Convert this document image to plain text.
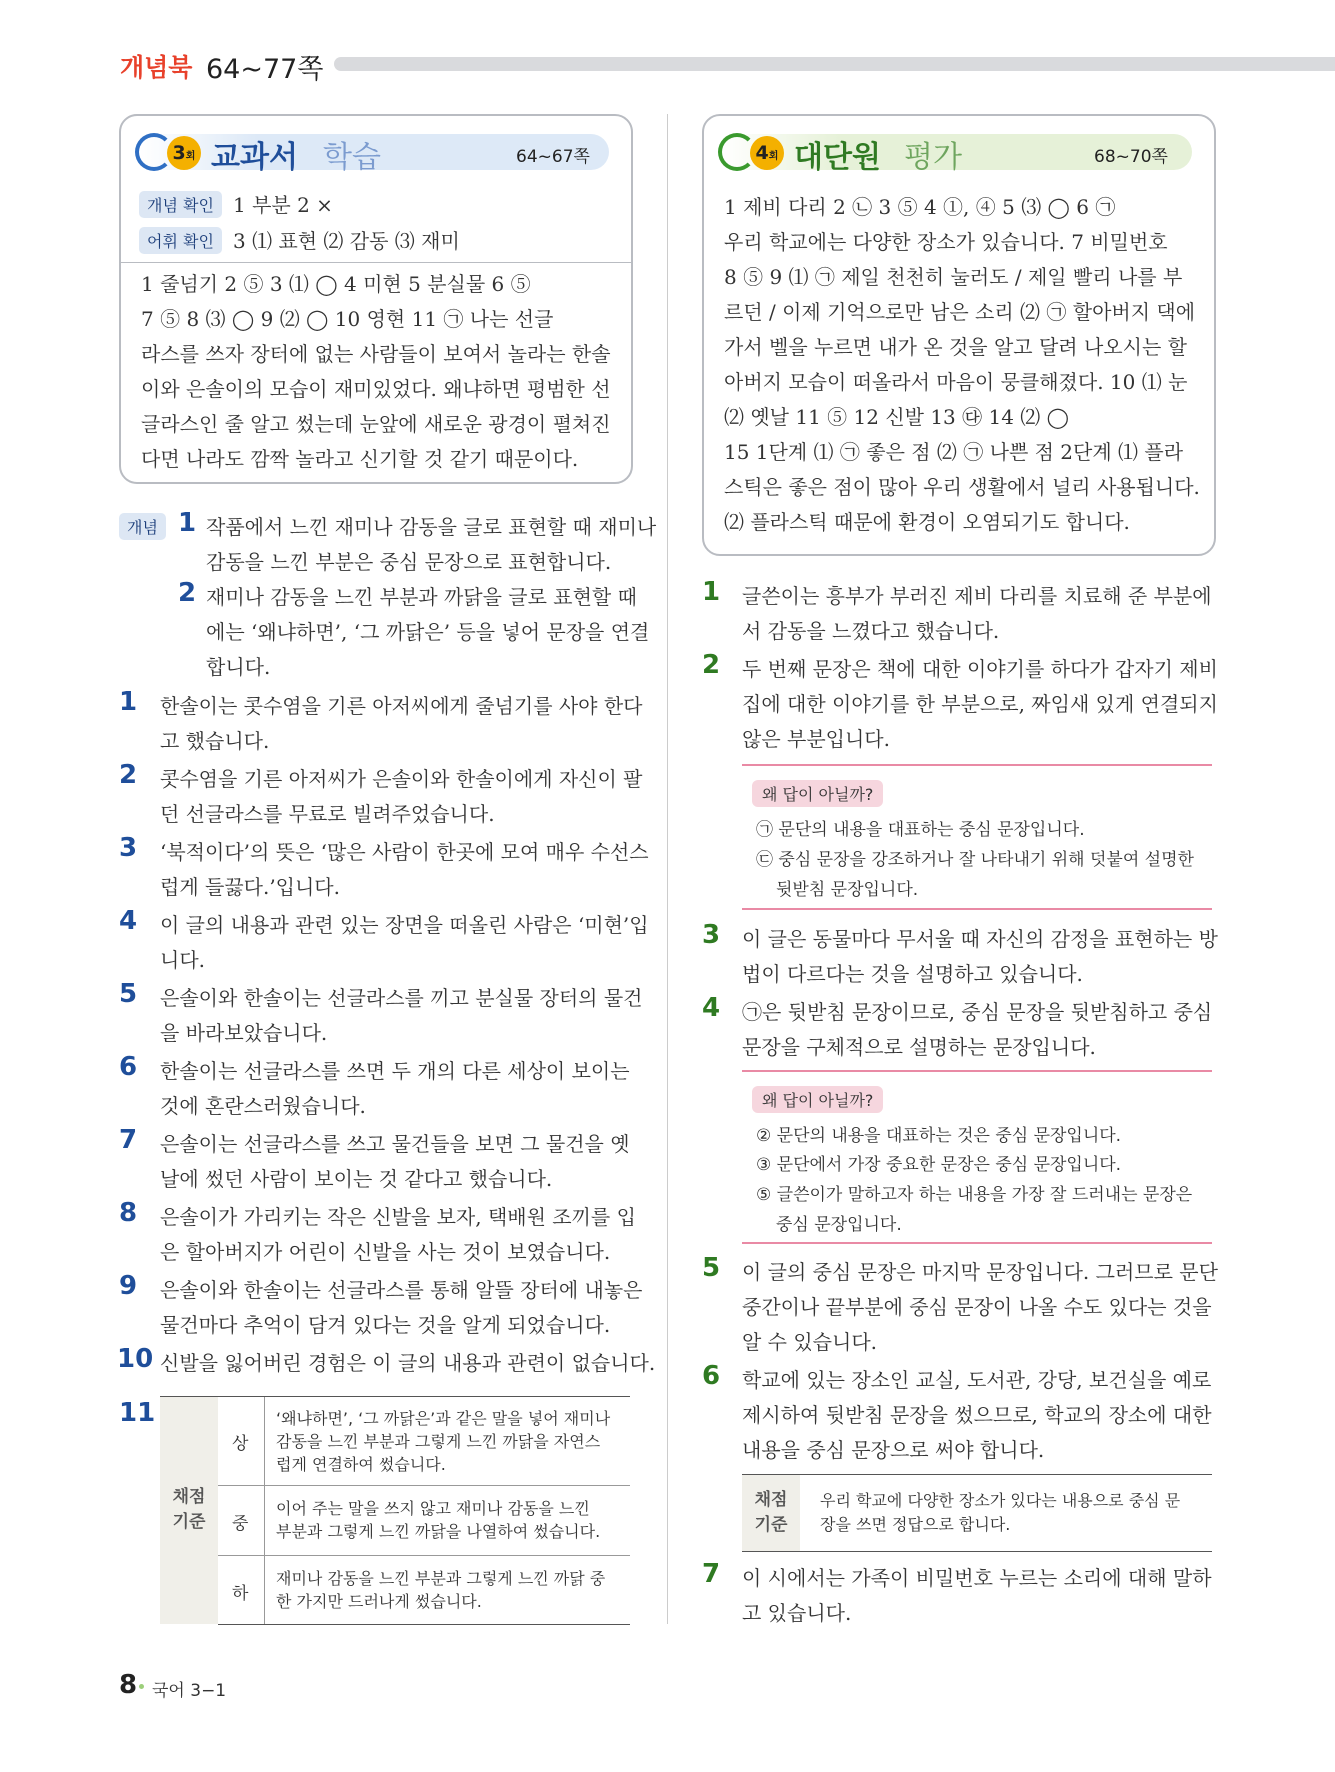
개념북 64~77쪽
3회 교과서 학습	64~67쪽
개념 확인 1 부분 2 ×
어휘 확인 3 ⑴ 표현 ⑵ 감동 ⑶ 재미
1 줄넘기 2 ⑤ 3 ⑴ ◯ 4 미현 5 분실물 6 ⑤
7 ⑤ 8 ⑶ ◯ 9 ⑵ ◯ 10 영현 11 ㉠ 나는 선글
라스를 쓰자 장터에 없는 사람들이 보여서 놀라는 한솔
이와 은솔이의 모습이 재미있었다. 왜냐하면 평범한 선
글라스인 줄 알고 썼는데 눈앞에 새로운 광경이 펼쳐진
다면 나라도 깜짝 놀라고 신기할 것 같기 때문이다.
4회 대단원 평가	68~70쪽
1 제비 다리 2 ㉡ 3 ⑤ 4 ①, ④ 5 ⑶ ◯ 6 ㉠
우리 학교에는 다양한 장소가 있습니다. 7 비밀번호
8 ⑤ 9 ⑴ ㉠ 제일 천천히 눌러도 / 제일 빨리 나를 부
르던 / 이제 기억으로만 남은 소리 ⑵ ㉠ 할아버지 댁에
가서 벨을 누르면 내가 온 것을 알고 달려 나오시는 할
아버지 모습이 떠올라서 마음이 뭉클해졌다. 10 ⑴ 눈
⑵ 옛날 11 ⑤ 12 신발 13 ㉰ 14 ⑵ ◯
15 1단계 ⑴ ㉠ 좋은 점 ⑵ ㉠ 나쁜 점 2단계 ⑴ 플라
스틱은 좋은 점이 많아 우리 생활에서 널리 사용됩니다.
⑵ 플라스틱 때문에 환경이 오염되기도 합니다.
개념 1 작품에서 느낀 재미나 감동을 글로 표현할 때 재미나
감동을 느낀 부분은 중심 문장으로 표현합니다.
2 재미나 감동을 느낀 부분과 까닭을 글로 표현할 때
에는 ‘왜냐하면’, ‘그 까닭은’ 등을 넣어 문장을 연결
합니다.
1 한솔이는 콧수염을 기른 아저씨에게 줄넘기를 사야 한다
고 했습니다.
2 콧수염을 기른 아저씨가 은솔이와 한솔이에게 자신이 팔
던 선글라스를 무료로 빌려주었습니다.
3 ‘북적이다’의 뜻은 ‘많은 사람이 한곳에 모여 매우 수선스
럽게 들끓다.’입니다.
4 이 글의 내용과 관련 있는 장면을 떠올린 사람은 ‘미현’입
니다.
5 은솔이와 한솔이는 선글라스를 끼고 분실물 장터의 물건
을 바라보았습니다.
6 한솔이는 선글라스를 쓰면 두 개의 다른 세상이 보이는
것에 혼란스러웠습니다.
7 은솔이는 선글라스를 쓰고 물건들을 보면 그 물건을 옛
날에 썼던 사람이 보이는 것 같다고 했습니다.
8 은솔이가 가리키는 작은 신발을 보자, 택배원 조끼를 입
은 할아버지가 어린이 신발을 사는 것이 보였습니다.
9 은솔이와 한솔이는 선글라스를 통해 알뜰 장터에 내놓은
물건마다 추억이 담겨 있다는 것을 알게 되었습니다.
10 신발을 잃어버린 경험은 이 글의 내용과 관련이 없습니다.
11
채점
기준
상
중
하
‘왜냐하면’, ‘그 까닭은’과 같은 말을 넣어 재미나
감동을 느낀 부분과 그렇게 느낀 까닭을 자연스
럽게 연결하여 썼습니다.
이어 주는 말을 쓰지 않고 재미나 감동을 느낀
부분과 그렇게 느낀 까닭을 나열하여 썼습니다.
재미나 감동을 느낀 부분과 그렇게 느낀 까닭 중
한 가지만 드러나게 썼습니다.
1 글쓴이는 흥부가 부러진 제비 다리를 치료해 준 부분에
서 감동을 느꼈다고 했습니다.
2 두 번째 문장은 책에 대한 이야기를 하다가 갑자기 제비
집에 대한 이야기를 한 부분으로, 짜임새 있게 연결되지
않은 부분입니다.
3 이 글은 동물마다 무서울 때 자신의 감정을 표현하는 방
법이 다르다는 것을 설명하고 있습니다.
4 ㉠은 뒷받침 문장이므로, 중심 문장을 뒷받침하고 중심
문장을 구체적으로 설명하는 문장입니다.
5 이 글의 중심 문장은 마지막 문장입니다. 그러므로 문단
중간이나 끝부분에 중심 문장이 나올 수도 있다는 것을
알 수 있습니다.
6 학교에 있는 장소인 교실, 도서관, 강당, 보건실을 예로
제시하여 뒷받침 문장을 썼으므로, 학교의 장소에 대한
내용을 중심 문장으로 써야 합니다.
7 이 시에서는 가족이 비밀번호 누르는 소리에 대해 말하
고 있습니다.
왜 답이 아닐까?
㉠ 문단의 내용을 대표하는 중심 문장입니다.
㉢ 중심 문장을 강조하거나 잘 나타내기 위해 덧붙여 설명한
뒷받침 문장입니다.
왜 답이 아닐까?
② 문단의 내용을 대표하는 것은 중심 문장입니다.
③ 문단에서 가장 중요한 문장은 중심 문장입니다.
⑤ 글쓴이가 말하고자 하는 내용을 가장 잘 드러내는 문장은
중심 문장입니다.
채점
기준
우리 학교에 다양한 장소가 있다는 내용으로 중심 문
장을 쓰면 정답으로 합니다.
8 국어 3−1
